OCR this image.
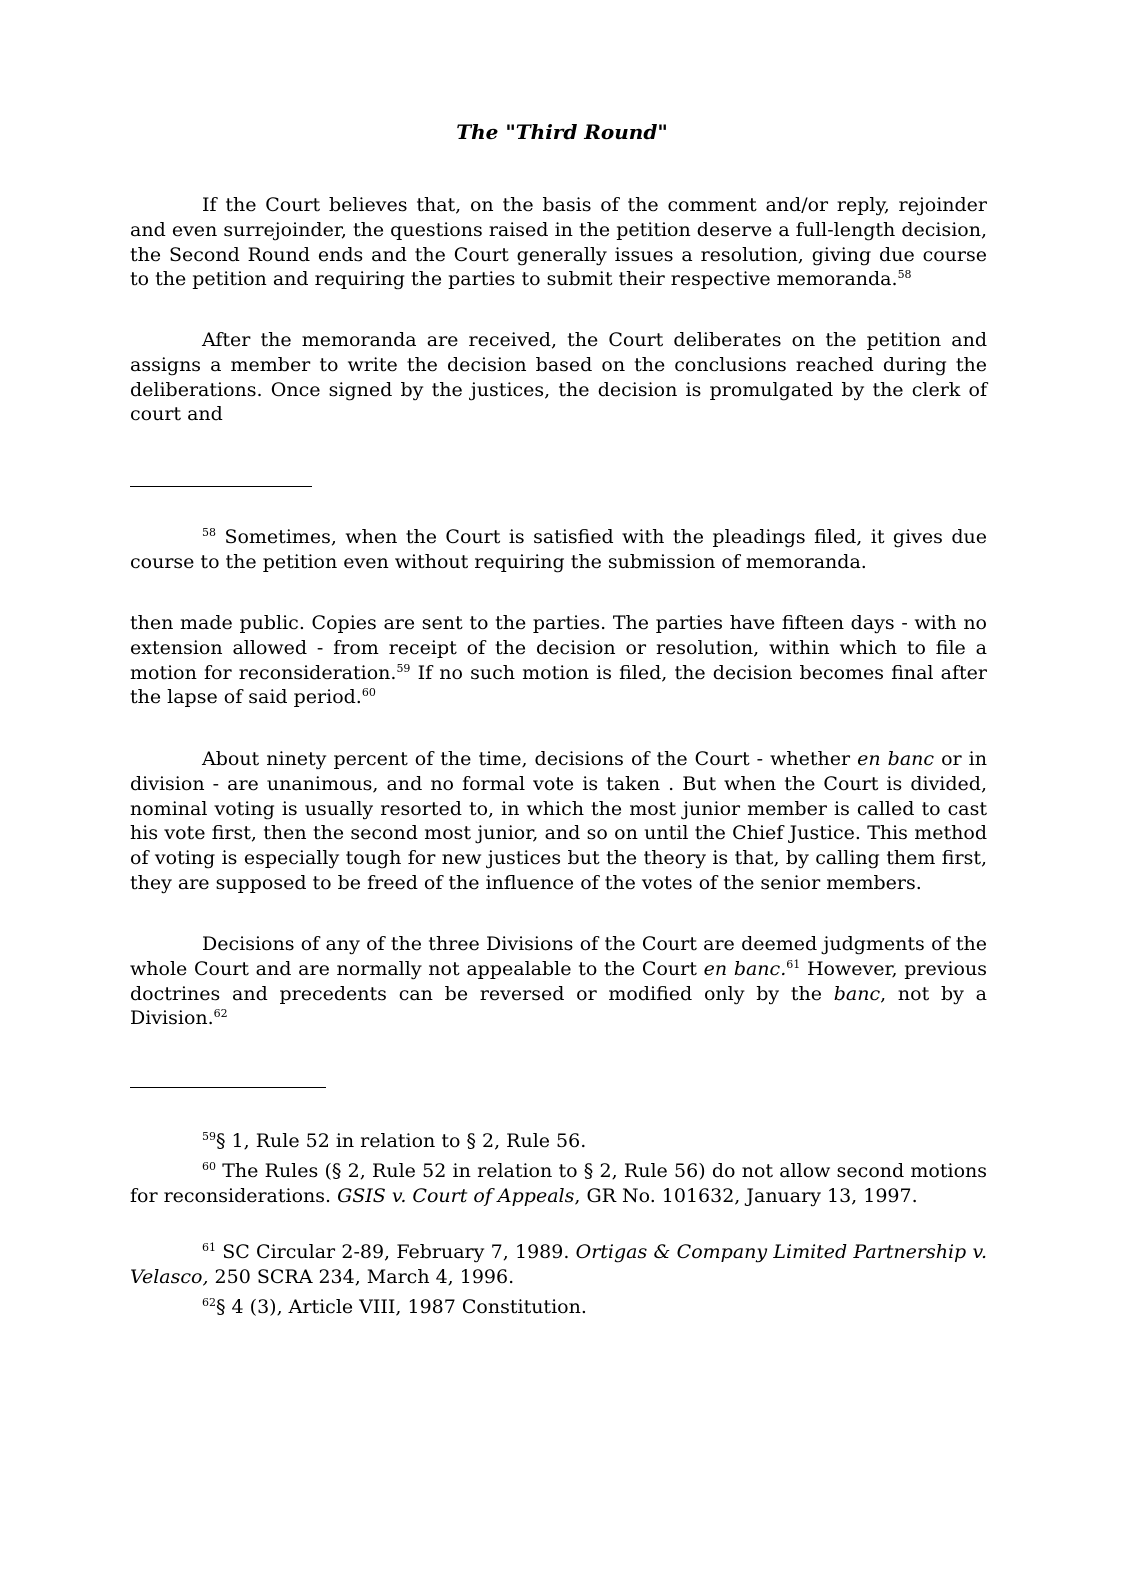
The "Third Round"

If the Court believes that, on the basis of the comment and/or reply, rejoinder and even surrejoinder, the questions raised in the petition deserve a full-length decision, the Second Round ends and the Court generally issues a resolution, giving due course to the petition and requiring the parties to submit their respective memoranda.$^{58}$

After the memoranda are received, the Court deliberates on the petition and assigns a member to write the decision based on the conclusions reached during the deliberations. Once signed by the justices, the decision is promulgated by the clerk of court and

$^{58}$ Sometimes, when the Court is satisfied with the pleadings filed, it gives due course to the petition even without requiring the submission of memoranda.

then made public. Copies are sent to the parties. The parties have fifteen days - with no extension allowed - from receipt of the decision or resolution, within which to file a motion for reconsideration.$^{59}$ If no such motion is filed, the decision becomes final after the lapse of said period.$^{60}$

About ninety percent of the time, decisions of the Court - whether en banc or in division - are unanimous, and no formal vote is taken . But when the Court is divided, nominal voting is usually resorted to, in which the most junior member is called to cast his vote first, then the second most junior, and so on until the Chief Justice. This method of voting is especially tough for new justices but the theory is that, by calling them first, they are supposed to be freed of the influence of the votes of the senior members.

Decisions of any of the three Divisions of the Court are deemed judgments of the whole Court and are normally not appealable to the Court en banc.$^{61}$ However, previous doctrines and precedents can be reversed or modified only by the banc, not by a Division.$^{62}$

$^{59}$§ 1, Rule 52 in relation to § 2, Rule 56.

$^{60}$ The Rules (§ 2, Rule 52 in relation to § 2, Rule 56) do not allow second motions for reconsiderations. GSIS v. Court of Appeals, GR No. 101632, January 13, 1997.

$^{61}$ SC Circular 2-89, February 7, 1989. Ortigas & Company Limited Partnership v. Velasco, 250 SCRA 234, March 4, 1996.

$^{62}$§ 4 (3), Article VIII, 1987 Constitution.
